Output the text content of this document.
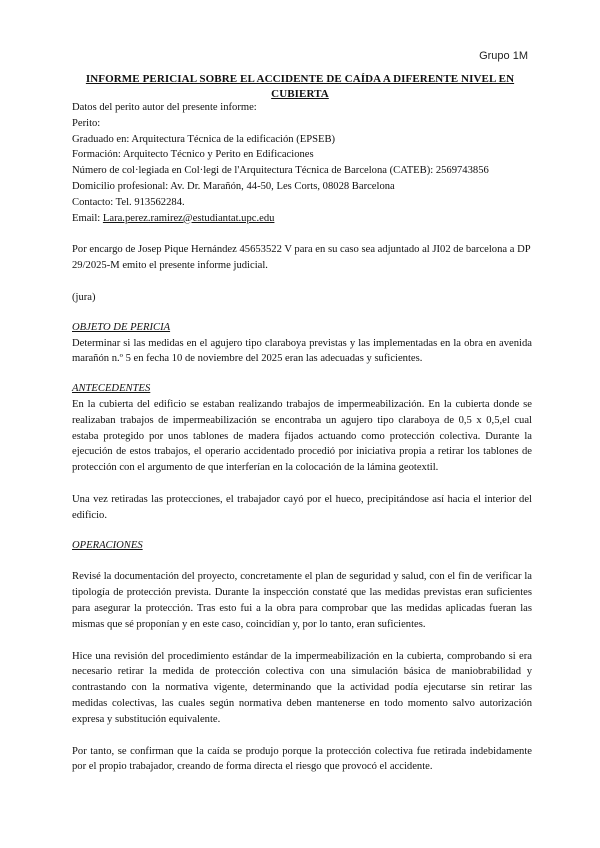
Grupo 1M
INFORME PERICIAL SOBRE EL ACCIDENTE DE CAÍDA A DIFERENTE NIVEL EN CUBIERTA

Datos del perito autor del presente informe:

Perito:

Graduado en: Arquitectura Técnica de la edificación (EPSEB)

Formación: Arquitecto Técnico y Perito en Edificaciones

Número de col·legiada en Col·legi de l'Arquitectura Técnica de Barcelona (CATEB): 2569743856

Domicilio profesional: Av. Dr. Marañón, 44-50, Les Corts, 08028 Barcelona

Contacto: Tel. 913562284.

Email: Lara.perez.ramirez@estudiantat.upc.edu

Por encargo de Josep Pique Hernández 45653522 V para en su caso sea adjuntado al JI02 de barcelona a DP 29/2025-M emito el presente informe judicial.

(jura)

OBJETO DE PERICIA

Determinar si las medidas en el agujero tipo claraboya previstas y las implementadas en la obra en avenida marañón n.º 5 en fecha 10 de noviembre del 2025 eran las adecuadas y suficientes.

ANTECEDENTES

En la cubierta del edificio se estaban realizando trabajos de impermeabilización. En la cubierta donde se realizaban trabajos de impermeabilización se encontraba un agujero tipo claraboya de 0,5 x 0,5,el cual estaba protegido por unos tablones de madera fijados actuando como protección colectiva. Durante la ejecución de estos trabajos, el operario accidentado procedió por iniciativa propia a retirar los tablones de protección con el argumento de que interferían en la colocación de la lámina geotextil.

Una vez retiradas las protecciones, el trabajador cayó por el hueco, precipitándose así hacia el interior del edificio.

OPERACIONES

Revisé la documentación del proyecto, concretamente el plan de seguridad y salud, con el fin de verificar la tipología de protección prevista. Durante la inspección constaté que las medidas previstas eran suficientes para asegurar la protección. Tras esto fui a la obra para comprobar que las medidas aplicadas fueran las mismas que sé proponían y en este caso, coincidían y, por lo tanto, eran suficientes.

Hice una revisión del procedimiento estándar de la impermeabilización en la cubierta, comprobando si era necesario retirar la medida de protección colectiva con una simulación básica de maniobrabilidad y contrastando con la normativa vigente, determinando que la actividad podía ejecutarse sin retirar las medidas colectivas, las cuales según normativa deben mantenerse en todo momento salvo autorización expresa y substitución equivalente.

Por tanto, se confirman que la caída se produjo porque la protección colectiva fue retirada indebidamente por el propio trabajador, creando de forma directa el riesgo que provocó el accidente.
